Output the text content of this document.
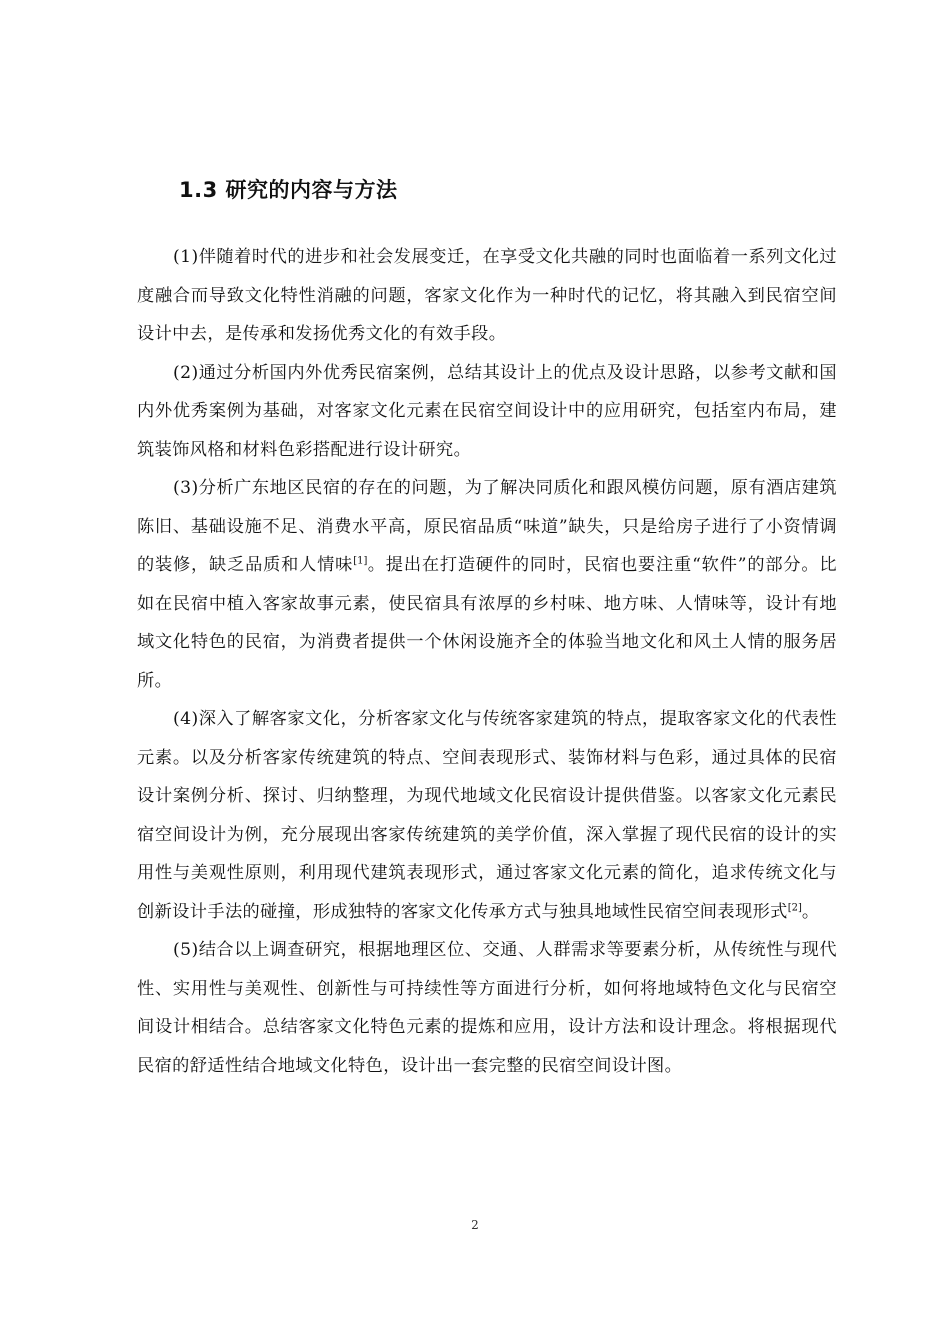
1.3 研究的内容与方法

(1)伴随着时代的进步和社会发展变迁，在享受文化共融的同时也面临着一系列文化过度融合而导致文化特性消融的问题，客家文化作为一种时代的记忆，将其融入到民宿空间设计中去，是传承和发扬优秀文化的有效手段。

(2)通过分析国内外优秀民宿案例，总结其设计上的优点及设计思路，以参考文献和国内外优秀案例为基础，对客家文化元素在民宿空间设计中的应用研究，包括室内布局，建筑装饰风格和材料色彩搭配进行设计研究。

(3)分析广东地区民宿的存在的问题，为了解决同质化和跟风模仿问题，原有酒店建筑陈旧、基础设施不足、消费水平高，原民宿品质“味道”缺失，只是给房子进行了小资情调的装修，缺乏品质和人情味[1]。提出在打造硬件的同时，民宿也要注重“软件”的部分。比如在民宿中植入客家故事元素，使民宿具有浓厚的乡村味、地方味、人情味等，设计有地域文化特色的民宿，为消费者提供一个休闲设施齐全的体验当地文化和风土人情的服务居所。

(4)深入了解客家文化，分析客家文化与传统客家建筑的特点，提取客家文化的代表性元素。以及分析客家传统建筑的特点、空间表现形式、装饰材料与色彩，通过具体的民宿设计案例分析、探讨、归纳整理，为现代地域文化民宿设计提供借鉴。以客家文化元素民宿空间设计为例，充分展现出客家传统建筑的美学价值，深入掌握了现代民宿的设计的实用性与美观性原则，利用现代建筑表现形式，通过客家文化元素的简化，追求传统文化与创新设计手法的碰撞，形成独特的客家文化传承方式与独具地域性民宿空间表现形式[2]。

(5)结合以上调查研究，根据地理区位、交通、人群需求等要素分析，从传统性与现代性、实用性与美观性、创新性与可持续性等方面进行分析，如何将地域特色文化与民宿空间设计相结合。总结客家文化特色元素的提炼和应用，设计方法和设计理念。将根据现代民宿的舒适性结合地域文化特色，设计出一套完整的民宿空间设计图。

2
